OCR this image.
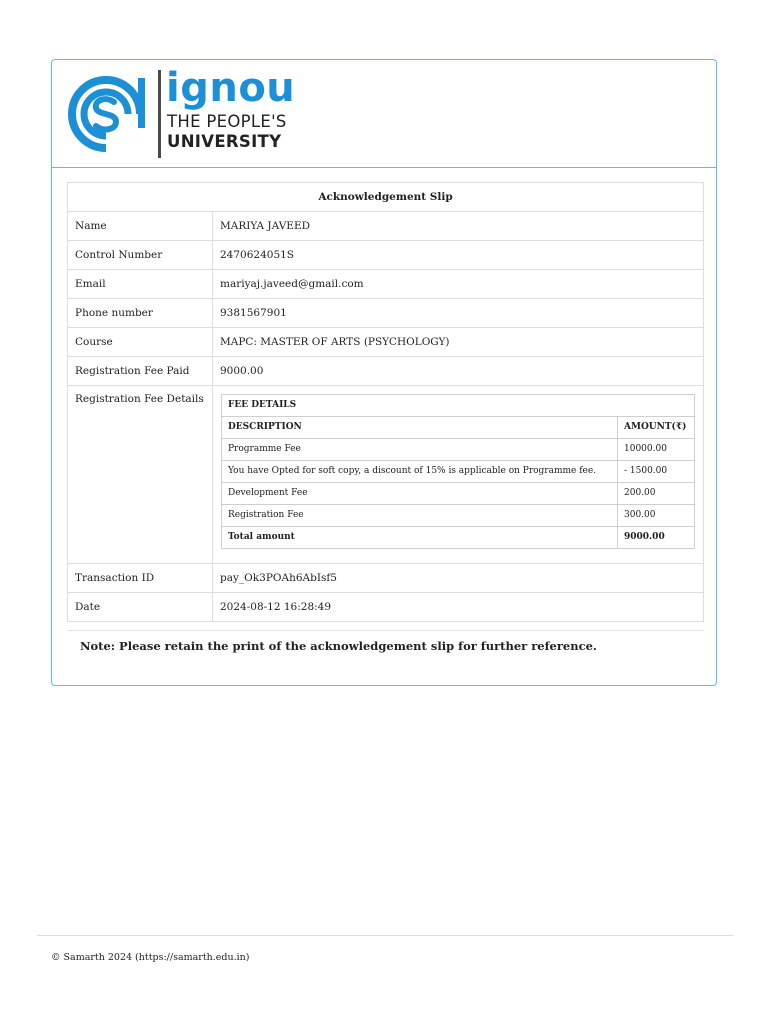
ignou

THE PEOPLE'S

UNIVERSITY

Acknowledgement Slip
Name	MARIYA JAVEED
Control Number	2470624051S
Email	mariyaj.javeed@gmail.com
Phone number	9381567901
Course	MAPC: MASTER OF ARTS (PSYCHOLOGY)
Registration Fee Paid	9000.00
Registration Fee Details		FEE DETAILS
DESCRIPTION	AMOUNT(₹)
Programme Fee	10000.00
You have Opted for soft copy, a discount of 15% is applicable on Programme fee.	- 1500.00
Development Fee	200.00
Registration Fee	300.00
Total amount	9000.00

Transaction ID	pay_Ok3POAh6AbIsf5
Date	2024-08-12 16:28:49

Note: Please retain the print of the acknowledgement slip for further reference.

© Samarth 2024 (https://samarth.edu.in)
